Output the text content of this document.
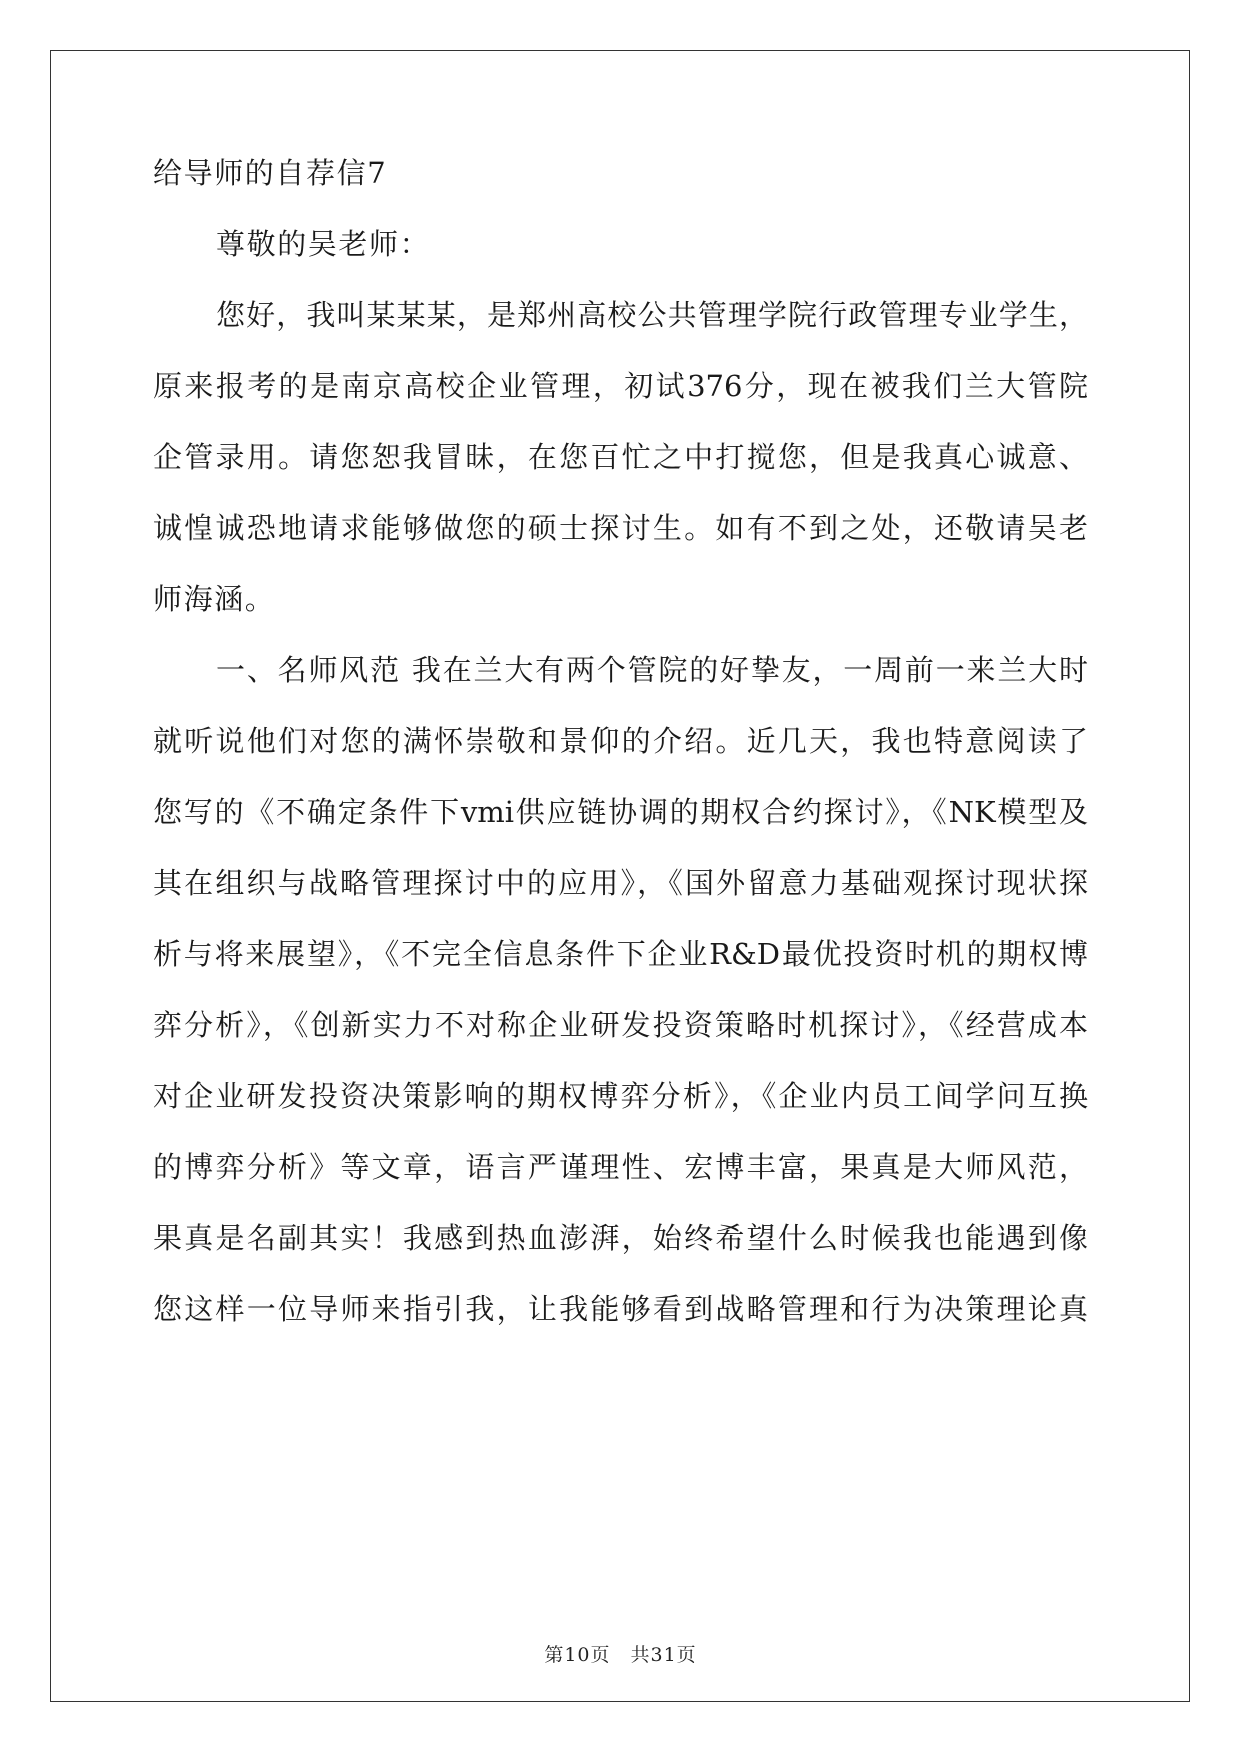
给导师的自荐信7

尊敬的吴老师：

您好，我叫某某某，是郑州高校公共管理学院行政管理专业学生，

原来报考的是南京高校企业管理，初试376分，现在被我们兰大管院

企管录用。请您恕我冒昧，在您百忙之中打搅您，但是我真心诚意、

诚惶诚恐地请求能够做您的硕士探讨生。如有不到之处，还敬请吴老

师海涵。

一、名师风范 我在兰大有两个管院的好挚友，一周前一来兰大时

就听说他们对您的满怀崇敬和景仰的介绍。近几天，我也特意阅读了

您写的《不确定条件下vmi供应链协调的期权合约探讨》，《NK模型及

其在组织与战略管理探讨中的应用》，《国外留意力基础观探讨现状探

析与将来展望》，《不完全信息条件下企业R&D最优投资时机的期权博

弈分析》，《创新实力不对称企业研发投资策略时机探讨》，《经营成本

对企业研发投资决策影响的期权博弈分析》，《企业内员工间学问互换

的博弈分析》等文章，语言严谨理性、宏博丰富，果真是大师风范，

果真是名副其实！我感到热血澎湃，始终希望什么时候我也能遇到像

您这样一位导师来指引我，让我能够看到战略管理和行为决策理论真

第10页　共31页
